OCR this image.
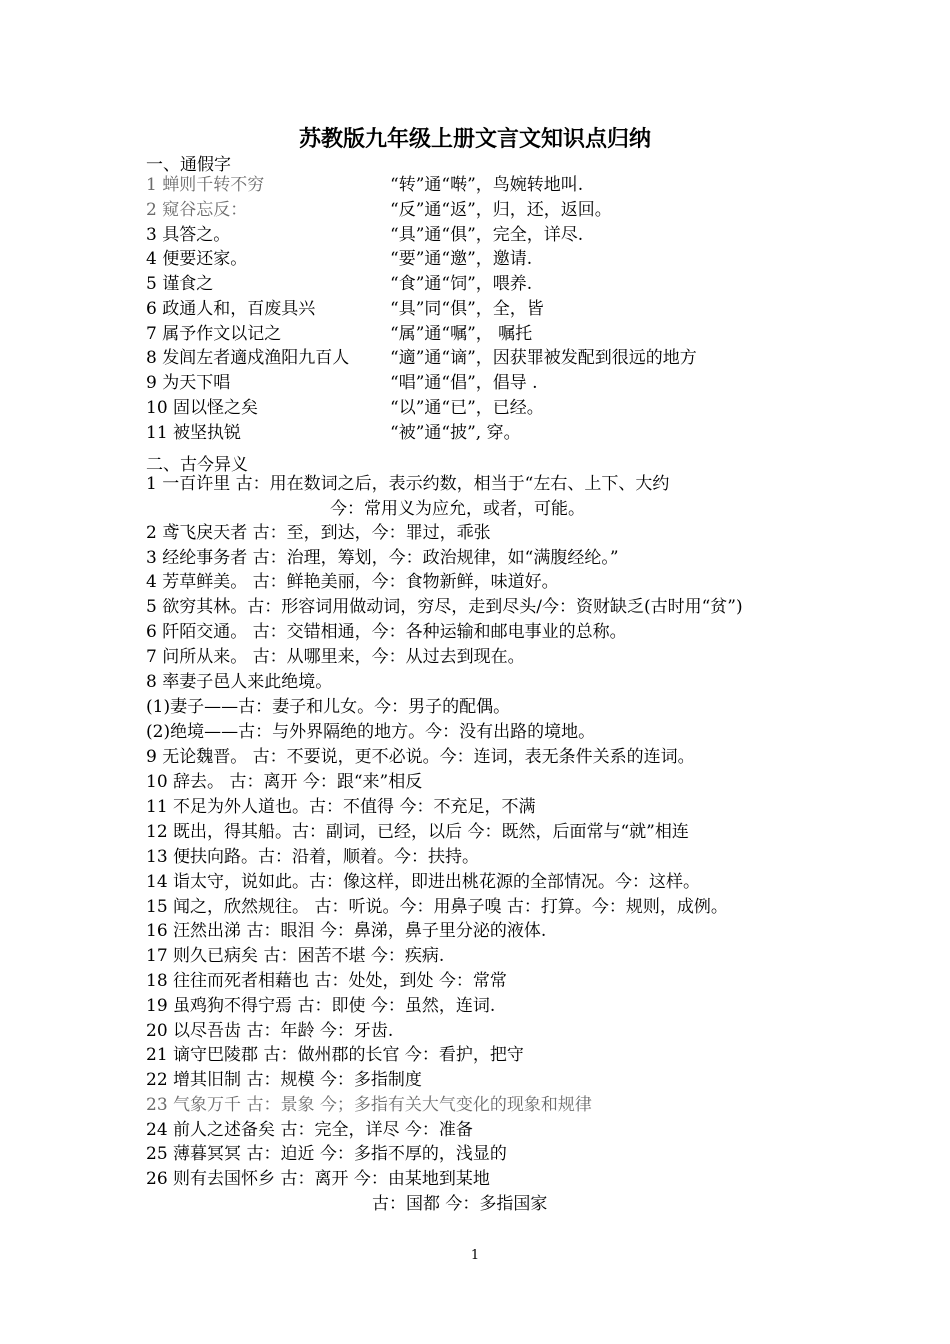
苏教版九年级上册文言文知识点归纳
一、通假字
1 蝉则千转不穷	“转”通“啭”，鸟婉转地叫.
2 窥谷忘反：	“反”通“返”，归，还，返回。
3 具答之。	“具”通“俱”，完全，详尽.
4 便要还家。	“要”通“邀”，邀请.
5 谨食之	“食”通“饲”，喂养.
6 政通人和，百废具兴	“具”同“俱”，全，皆
7 属予作文以记之	“属”通“嘱”， 嘱托
8 发闾左者適戍渔阳九百人 “適”通“谪”，因获罪被发配到很远的地方
9 为天下唱	“唱”通“倡”，倡导 .
10 固以怪之矣	“以”通“已”，已经。
11 被坚执锐	“被”通“披”, 穿。
二、古今异义
1 一百许里 古：用在数词之后，表示约数，相当于“左右、上下、大约
今：常用义为应允，或者，可能。
2 鸢飞戾天者 古：至，到达，今：罪过，乖张
3 经纶事务者 古：治理，筹划，今：政治规律，如“满腹经纶。”
4 芳草鲜美。 古：鲜艳美丽，今：食物新鲜，味道好。
5 欲穷其林。古：形容词用做动词，穷尽，走到尽头/今：资财缺乏(古时用“贫”)
6 阡陌交通。 古：交错相通，今：各种运输和邮电事业的总称。
7 问所从来。 古：从哪里来，今：从过去到现在。
8 率妻子邑人来此绝境。
(1)妻子——古：妻子和儿女。今：男子的配偶。
(2)绝境——古：与外界隔绝的地方。今：没有出路的境地。
9 无论魏晋。 古：不要说，更不必说。今：连词，表无条件关系的连词。
10 辞去。 古：离开 今：跟“来”相反
11 不足为外人道也。古：不值得 今：不充足，不满
12 既出，得其船。古：副词，已经，以后 今：既然，后面常与“就”相连
13 便扶向路。古：沿着，顺着。今：扶持。
14 诣太守，说如此。古：像这样，即进出桃花源的全部情况。今：这样。
15 闻之，欣然规往。 古：听说。今：用鼻子嗅 古：打算。今：规则，成例。
16 汪然出涕 古：眼泪 今：鼻涕，鼻子里分泌的液体.
17 则久已病矣 古：困苦不堪 今：疾病.
18 往往而死者相藉也 古：处处，到处 今：常常
19 虽鸡狗不得宁焉 古：即使 今：虽然，连词.
20 以尽吾齿 古：年龄 今：牙齿.
21 谪守巴陵郡 古：做州郡的长官 今：看护，把守
22 增其旧制 古：规模 今：多指制度
23 气象万千 古：景象 今；多指有关大气变化的现象和规律
24 前人之述备矣 古：完全，详尽 今：准备
25 薄暮冥冥 古：迫近 今：多指不厚的，浅显的
26 则有去国怀乡 古：离开 今：由某地到某地
古：国都 今：多指国家
1
